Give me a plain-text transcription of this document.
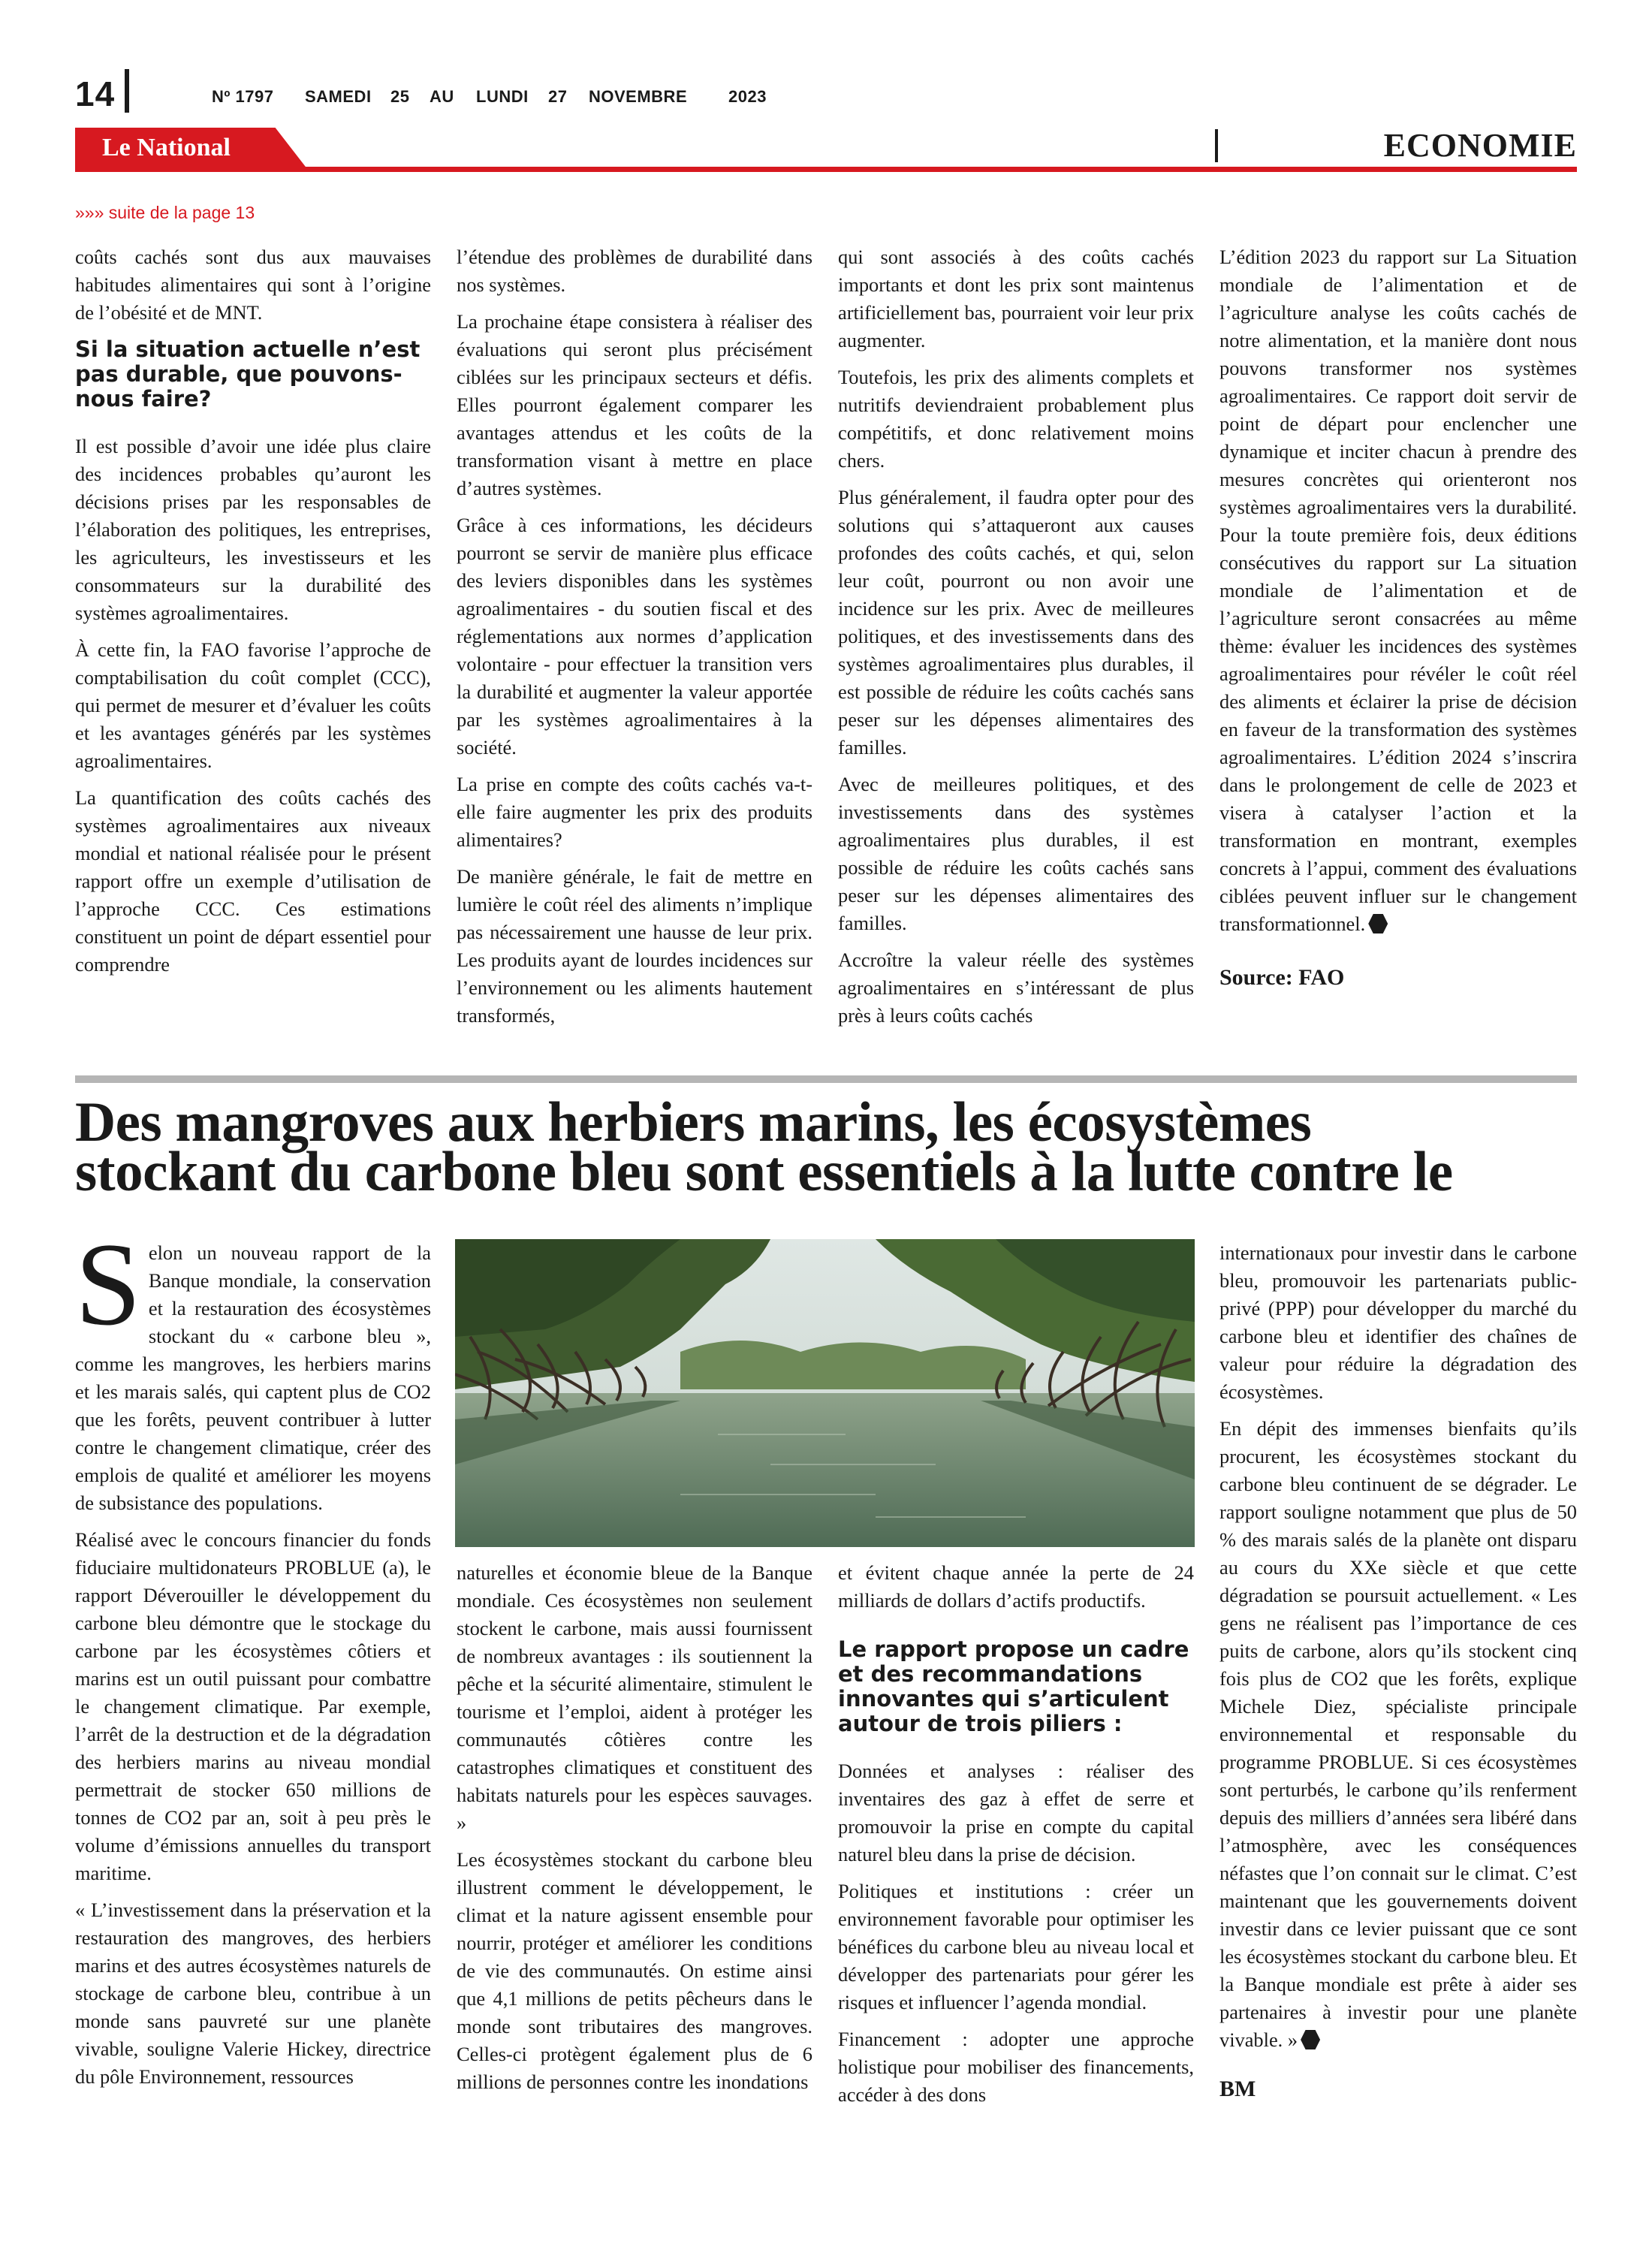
14	Nº 1797 SAMEDI 25 AU LUNDI 27 NOVEMBRE 2023
Le National	ECONOMIE
»»» suite de la page 13

coûts cachés sont dus aux mauvaises habitudes alimentaires qui sont à l’origine de l’obésité et de MNT.

Si la situation actuelle n’est pas durable, que pouvons-nous faire?

Il est possible d’avoir une idée plus claire des incidences probables qu’auront les décisions prises par les responsables de l’élaboration des politiques, les entreprises, les agriculteurs, les investisseurs et les consommateurs sur la durabilité des systèmes agroalimentaires.

À cette fin, la FAO favorise l’approche de comptabilisation du coût complet (CCC), qui permet de mesurer et d’évaluer les coûts et les avantages générés par les systèmes agroalimentaires.

La quantification des coûts cachés des systèmes agroalimentaires aux niveaux mondial et national réalisée pour le présent rapport offre un exemple d’utilisation de l’approche CCC. Ces estimations constituent un point de départ essentiel pour comprendre

l’étendue des problèmes de durabilité dans nos systèmes.

La prochaine étape consistera à réaliser des évaluations qui seront plus précisément ciblées sur les principaux secteurs et défis. Elles pourront également comparer les avantages attendus et les coûts de la transformation visant à mettre en place d’autres systèmes.

Grâce à ces informations, les décideurs pourront se servir de manière plus efficace des leviers disponibles dans les systèmes agroalimentaires - du soutien fiscal et des réglementations aux normes d’application volontaire - pour effectuer la transition vers la durabilité et augmenter la valeur apportée par les systèmes agroalimentaires à la société.

La prise en compte des coûts cachés va-t-elle faire augmenter les prix des produits alimentaires?

De manière générale, le fait de mettre en lumière le coût réel des aliments n’implique pas nécessairement une hausse de leur prix. Les produits ayant de lourdes incidences sur l’environnement ou les aliments hautement transformés,

qui sont associés à des coûts cachés importants et dont les prix sont maintenus artificiellement bas, pourraient voir leur prix augmenter.

Toutefois, les prix des aliments complets et nutritifs deviendraient probablement plus compétitifs, et donc relativement moins chers.

Plus généralement, il faudra opter pour des solutions qui s’attaqueront aux causes profondes des coûts cachés, et qui, selon leur coût, pourront ou non avoir une incidence sur les prix. Avec de meilleures politiques, et des investissements dans des systèmes agroalimentaires plus durables, il est possible de réduire les coûts cachés sans peser sur les dépenses alimentaires des familles.

Avec de meilleures politiques, et des investissements dans des systèmes agroalimentaires plus durables, il est possible de réduire les coûts cachés sans peser sur les dépenses alimentaires des familles.

Accroître la valeur réelle des systèmes agroalimentaires en s’intéressant de plus près à leurs coûts cachés

L’édition 2023 du rapport sur La Situation mondiale de l’alimentation et de l’agriculture analyse les coûts cachés de notre alimentation, et la manière dont nous pouvons transformer nos systèmes agroalimentaires. Ce rapport doit servir de point de départ pour enclencher une dynamique et inciter chacun à prendre des mesures concrètes qui orienteront nos systèmes agroalimentaires vers la durabilité. Pour la toute première fois, deux éditions consécutives du rapport sur La situation mondiale de l’alimentation et de l’agriculture seront consacrées au même thème: évaluer les incidences des systèmes agroalimentaires pour révéler le coût réel des aliments et éclairer la prise de décision en faveur de la transformation des systèmes agroalimentaires. L’édition 2024 s’inscrira dans le prolongement de celle de 2023 et visera à catalyser l’action et la transformation en montrant, exemples concrets à l’appui, comment des évaluations ciblées peuvent influer sur le changement transformationnel.

Source: FAO
Des mangroves aux herbiers marins, les écosystèmes
stockant du carbone bleu sont essentiels à la lutte contre le

Selon un nouveau rapport de la Banque mondiale, la conservation et la restauration des écosystèmes stockant du « carbone bleu », comme les mangroves, les herbiers marins et les marais salés, qui captent plus de CO2 que les forêts, peuvent contribuer à lutter contre le changement climatique, créer des emplois de qualité et améliorer les moyens de subsistance des populations.

Réalisé avec le concours financier du fonds fiduciaire multidonateurs PROBLUE (a), le rapport Déverouiller le développement du carbone bleu démontre que le stockage du carbone par les écosystèmes côtiers et marins est un outil puissant pour combattre le changement climatique. Par exemple, l’arrêt de la destruction et de la dégradation des herbiers marins au niveau mondial permettrait de stocker 650 millions de tonnes de CO2 par an, soit à peu près le volume d’émissions annuelles du transport maritime.

« L’investissement dans la préservation et la restauration des mangroves, des herbiers marins et des autres écosystèmes naturels de stockage de carbone bleu, contribue à un monde sans pauvreté sur une planète vivable, souligne Valerie Hickey, directrice du pôle Environnement, ressources

naturelles et économie bleue de la Banque mondiale. Ces écosystèmes non seulement stockent le carbone, mais aussi fournissent de nombreux avantages : ils soutiennent la pêche et la sécurité alimentaire, stimulent le tourisme et l’emploi, aident à protéger les communautés côtières contre les catastrophes climatiques et constituent des habitats naturels pour les espèces sauvages. »

Les écosystèmes stockant du carbone bleu illustrent comment le développement, le climat et la nature agissent ensemble pour nourrir, protéger et améliorer les conditions de vie des communautés. On estime ainsi que 4,1 millions de petits pêcheurs dans le monde sont tributaires des mangroves. Celles-ci protègent également plus de 6 millions de personnes contre les inondations

et évitent chaque année la perte de 24 milliards de dollars d’actifs productifs.

Le rapport propose un cadre et des recommandations innovantes qui s’articulent autour de trois piliers :

Données et analyses : réaliser des inventaires des gaz à effet de serre et promouvoir la prise en compte du capital naturel bleu dans la prise de décision.

Politiques et institutions : créer un environnement favorable pour optimiser les bénéfices du carbone bleu au niveau local et développer des partenariats pour gérer les risques et influencer l’agenda mondial.

Financement : adopter une approche holistique pour mobiliser des financements, accéder à des dons

internationaux pour investir dans le carbone bleu, promouvoir les partenariats public-privé (PPP) pour développer du marché du carbone bleu et identifier des chaînes de valeur pour réduire la dégradation des écosystèmes.

En dépit des immenses bienfaits qu’ils procurent, les écosystèmes stockant du carbone bleu continuent de se dégrader. Le rapport souligne notamment que plus de 50 % des marais salés de la planète ont disparu au cours du XXe siècle et que cette dégradation se poursuit actuellement. « Les gens ne réalisent pas l’importance de ces puits de carbone, alors qu’ils stockent cinq fois plus de CO2 que les forêts, explique Michele Diez, spécialiste principale environnemental et responsable du programme PROBLUE. Si ces écosystèmes sont perturbés, le carbone qu’ils renferment depuis des milliers d’années sera libéré dans l’atmosphère, avec les conséquences néfastes que l’on connait sur le climat. C’est maintenant que les gouvernements doivent investir dans ce levier puissant que ce sont les écosystèmes stockant du carbone bleu. Et la Banque mondiale est prête à aider ses partenaires à investir pour une planète vivable. »

BM
